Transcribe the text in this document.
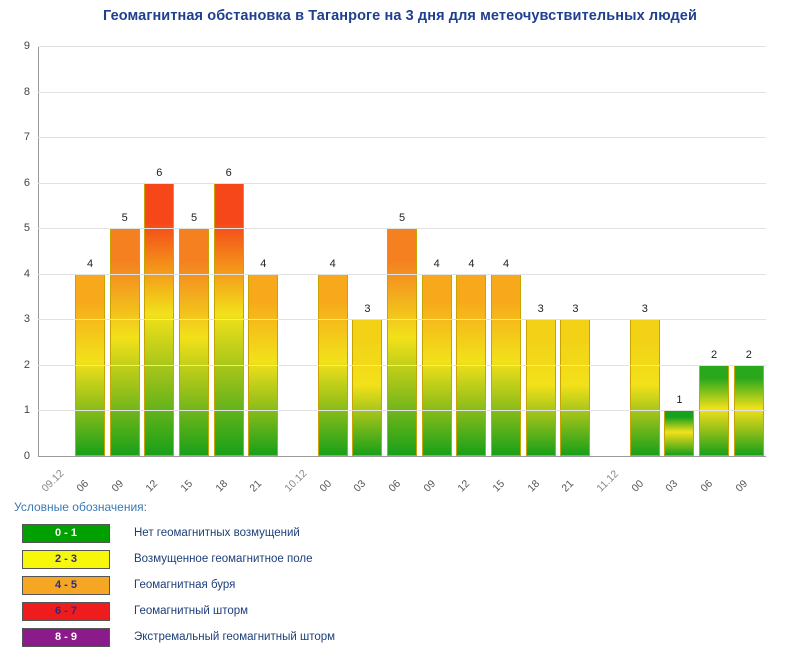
Геомагнитная обстановка в Таганроге на 3 дня для метеочувствительных людей
0
1
2
3
4
5
6
7
8
9
4
5
6
5
6
4	4
3
5
4	4	4
3	3	3
1
2	2
09.12 06 09 12 15 18 21 10.12 00 03 06 09 12 15 18 21 11.12 00 03 06 09
Условные обозначения:
0 - 1	Нет геомагнитных возмущений
2 - 3	Возмущенное геомагнитное поле
4 - 5	Геомагнитная буря
6 - 7	Геомагнитный шторм
8 - 9	Экстремальный геомагнитный шторм
